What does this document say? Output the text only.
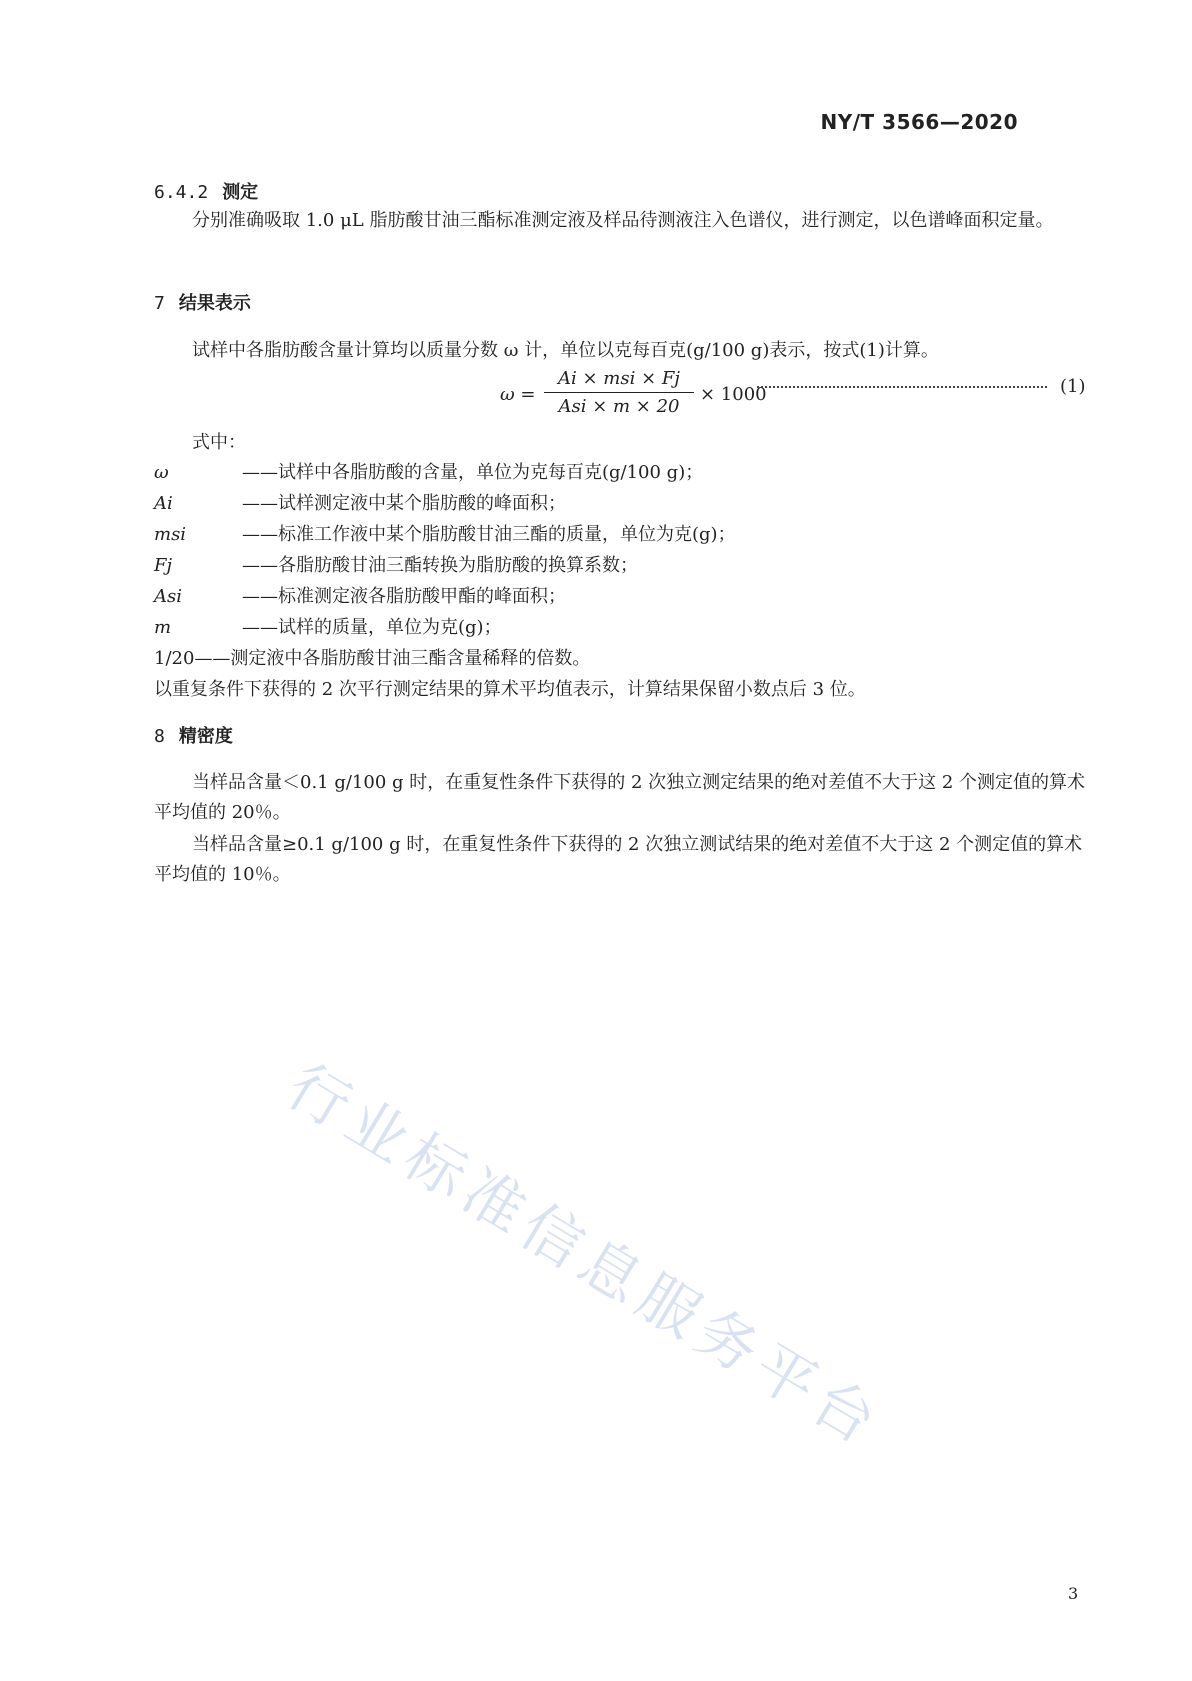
NY/T 3566—2020
6.4.2 测定
分别准确吸取 1.0 μL 脂肪酸甘油三酯标准测定液及样品待测液注入色谱仪，进行测定，以色谱峰面积定量。
7 结果表示
试样中各脂肪酸含量计算均以质量分数 ω 计，单位以克每百克(g/100 g)表示，按式(1)计算。
ω =
Ai × msi × Fj
Asi × m × 20
× 1000	(1)
式中：
ω	——试样中各脂肪酸的含量，单位为克每百克(g/100 g)；
Ai	——试样测定液中某个脂肪酸的峰面积；
msi	——标准工作液中某个脂肪酸甘油三酯的质量，单位为克(g)；
Fj	——各脂肪酸甘油三酯转换为脂肪酸的换算系数；
Asi	——标准测定液各脂肪酸甲酯的峰面积；
m	——试样的质量，单位为克(g)；
1/20——测定液中各脂肪酸甘油三酯含量稀释的倍数。
以重复条件下获得的 2 次平行测定结果的算术平均值表示，计算结果保留小数点后 3 位。
8 精密度
当样品含量＜0.1 g/100 g 时，在重复性条件下获得的 2 次独立测定结果的绝对差值不大于这 2 个测定值的算术平均值的 20％。
当样品含量≥0.1 g/100 g 时，在重复性条件下获得的 2 次独立测试结果的绝对差值不大于这 2 个测定值的算术平均值的 10％。
行业标准信息服务平台
3
